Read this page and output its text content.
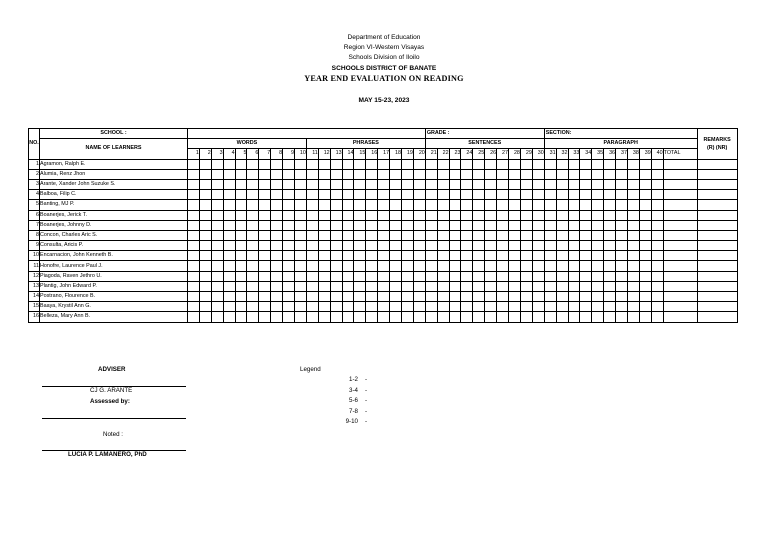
Department of Education
Region VI-Western Visayas
Schools Division of Iloilo
SCHOOLS DISTRICT OF BANATE
YEAR END EVALUATION ON READING
MAY 15-23, 2023
NO.	SCHOOL :																					GRADE :										SECTION:											REMARKS
(R) (NR)
	NAME OF LEARNERS	WORDS										PHRASES										SENTENCES										PARAGRAPH											
		1	2	3	4	5	6	7	8	9	10	11	12	13	14	15	16	17	18	19	20	21	22	23	24	25	26	27	28	29	30	31	32	33	34	35	36	37	38	39	40	TOTAL	
1	Agramon, Ralph E.																																										
2	Alumia, Renz Jhon																																										
3	Arante, Xander John Suzuke S.																																										
4	Balboa, Filip C.																																										
5	Banting, MJ P.																																										
6	Boanerjes, Jerick T.																																										
7	Boanerjes, Johnny D.																																										
8	Concon, Charles Aric S.																																										
9	Consulta, Aricis P.																																										
10	Encarnacion, John Kenneth B.																																										
11	Honofre, Laurence Paul J.																																										
12	Piagoda, Raven Jethro U.																																										
13	Plantig, John Edward P.																																										
14	Postrano, Flourence B.																																										
15	Baaya, Krystil Ann G.																																										
16	Belleza, Mary Ann B.																																										
ADVISER
CJ G. ARANTE
Assessed by:
Noted :
LUCIA P. LAMANERO, PhD
Legend
1-2 -
3-4 -
5-6 -
7-8 -
9-10 -
